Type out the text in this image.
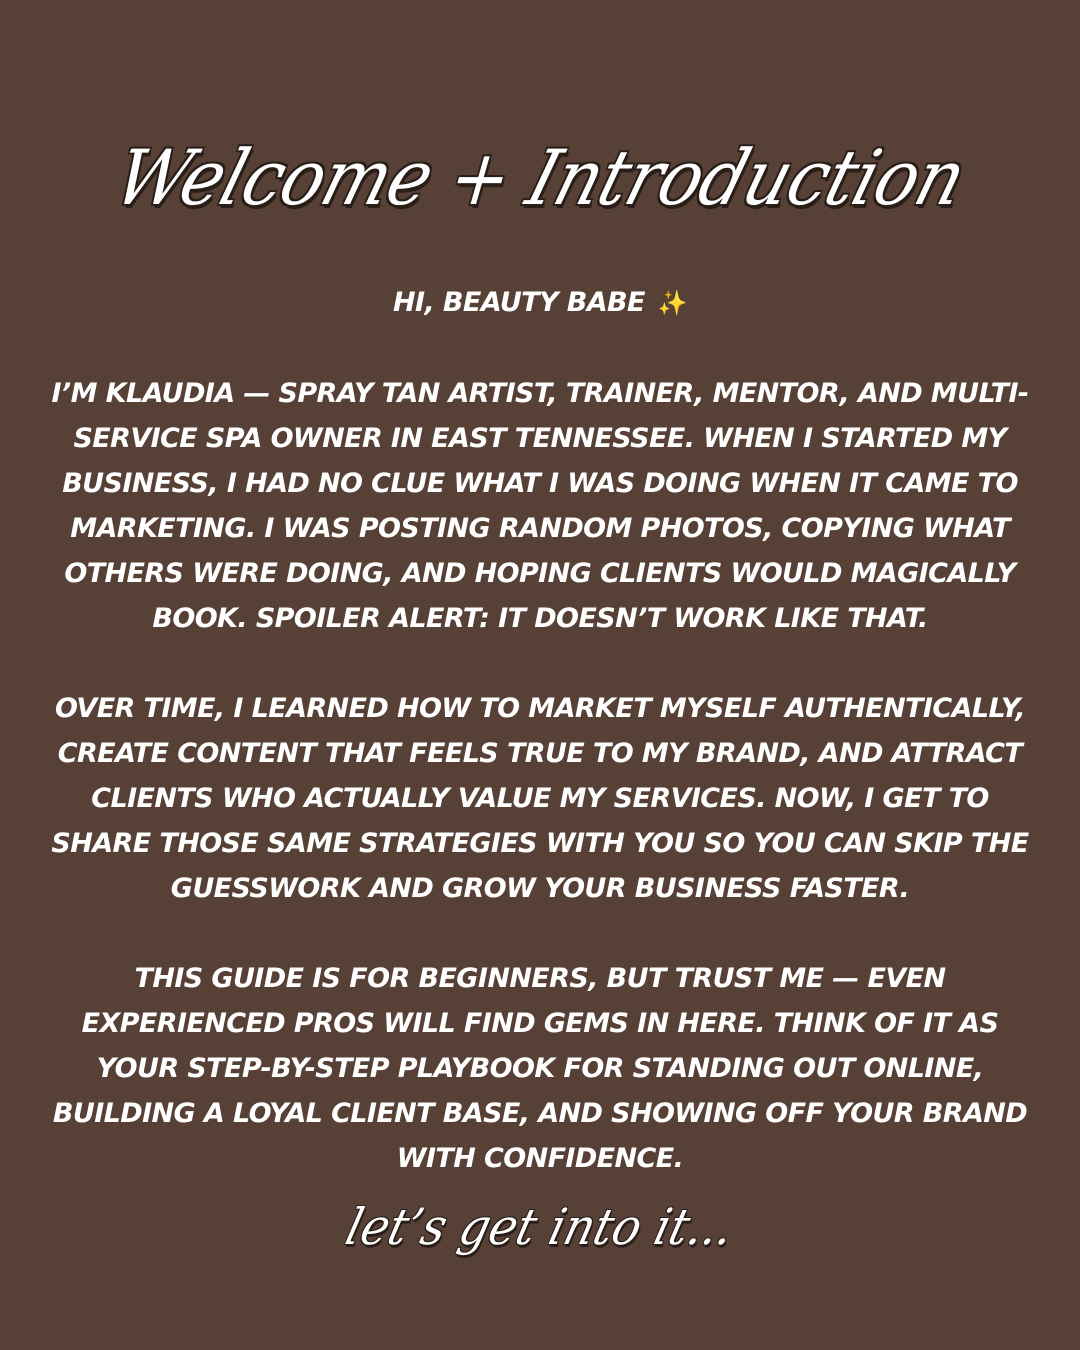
Welcome + Introduction

HI, BEAUTY BABE ✨

I’M KLAUDIA — SPRAY TAN ARTIST, TRAINER, MENTOR, AND MULTI-SERVICE SPA OWNER IN EAST TENNESSEE. WHEN I STARTED MY BUSINESS, I HAD NO CLUE WHAT I WAS DOING WHEN IT CAME TO MARKETING. I WAS POSTING RANDOM PHOTOS, COPYING WHAT OTHERS WERE DOING, AND HOPING CLIENTS WOULD MAGICALLY BOOK. SPOILER ALERT: IT DOESN’T WORK LIKE THAT.

OVER TIME, I LEARNED HOW TO MARKET MYSELF AUTHENTICALLY, CREATE CONTENT THAT FEELS TRUE TO MY BRAND, AND ATTRACT CLIENTS WHO ACTUALLY VALUE MY SERVICES. NOW, I GET TO SHARE THOSE SAME STRATEGIES WITH YOU SO YOU CAN SKIP THE GUESSWORK AND GROW YOUR BUSINESS FASTER.

THIS GUIDE IS FOR BEGINNERS, BUT TRUST ME — EVEN EXPERIENCED PROS WILL FIND GEMS IN HERE. THINK OF IT AS YOUR STEP-BY-STEP PLAYBOOK FOR STANDING OUT ONLINE, BUILDING A LOYAL CLIENT BASE, AND SHOWING OFF YOUR BRAND WITH CONFIDENCE.

let’s get into it...
